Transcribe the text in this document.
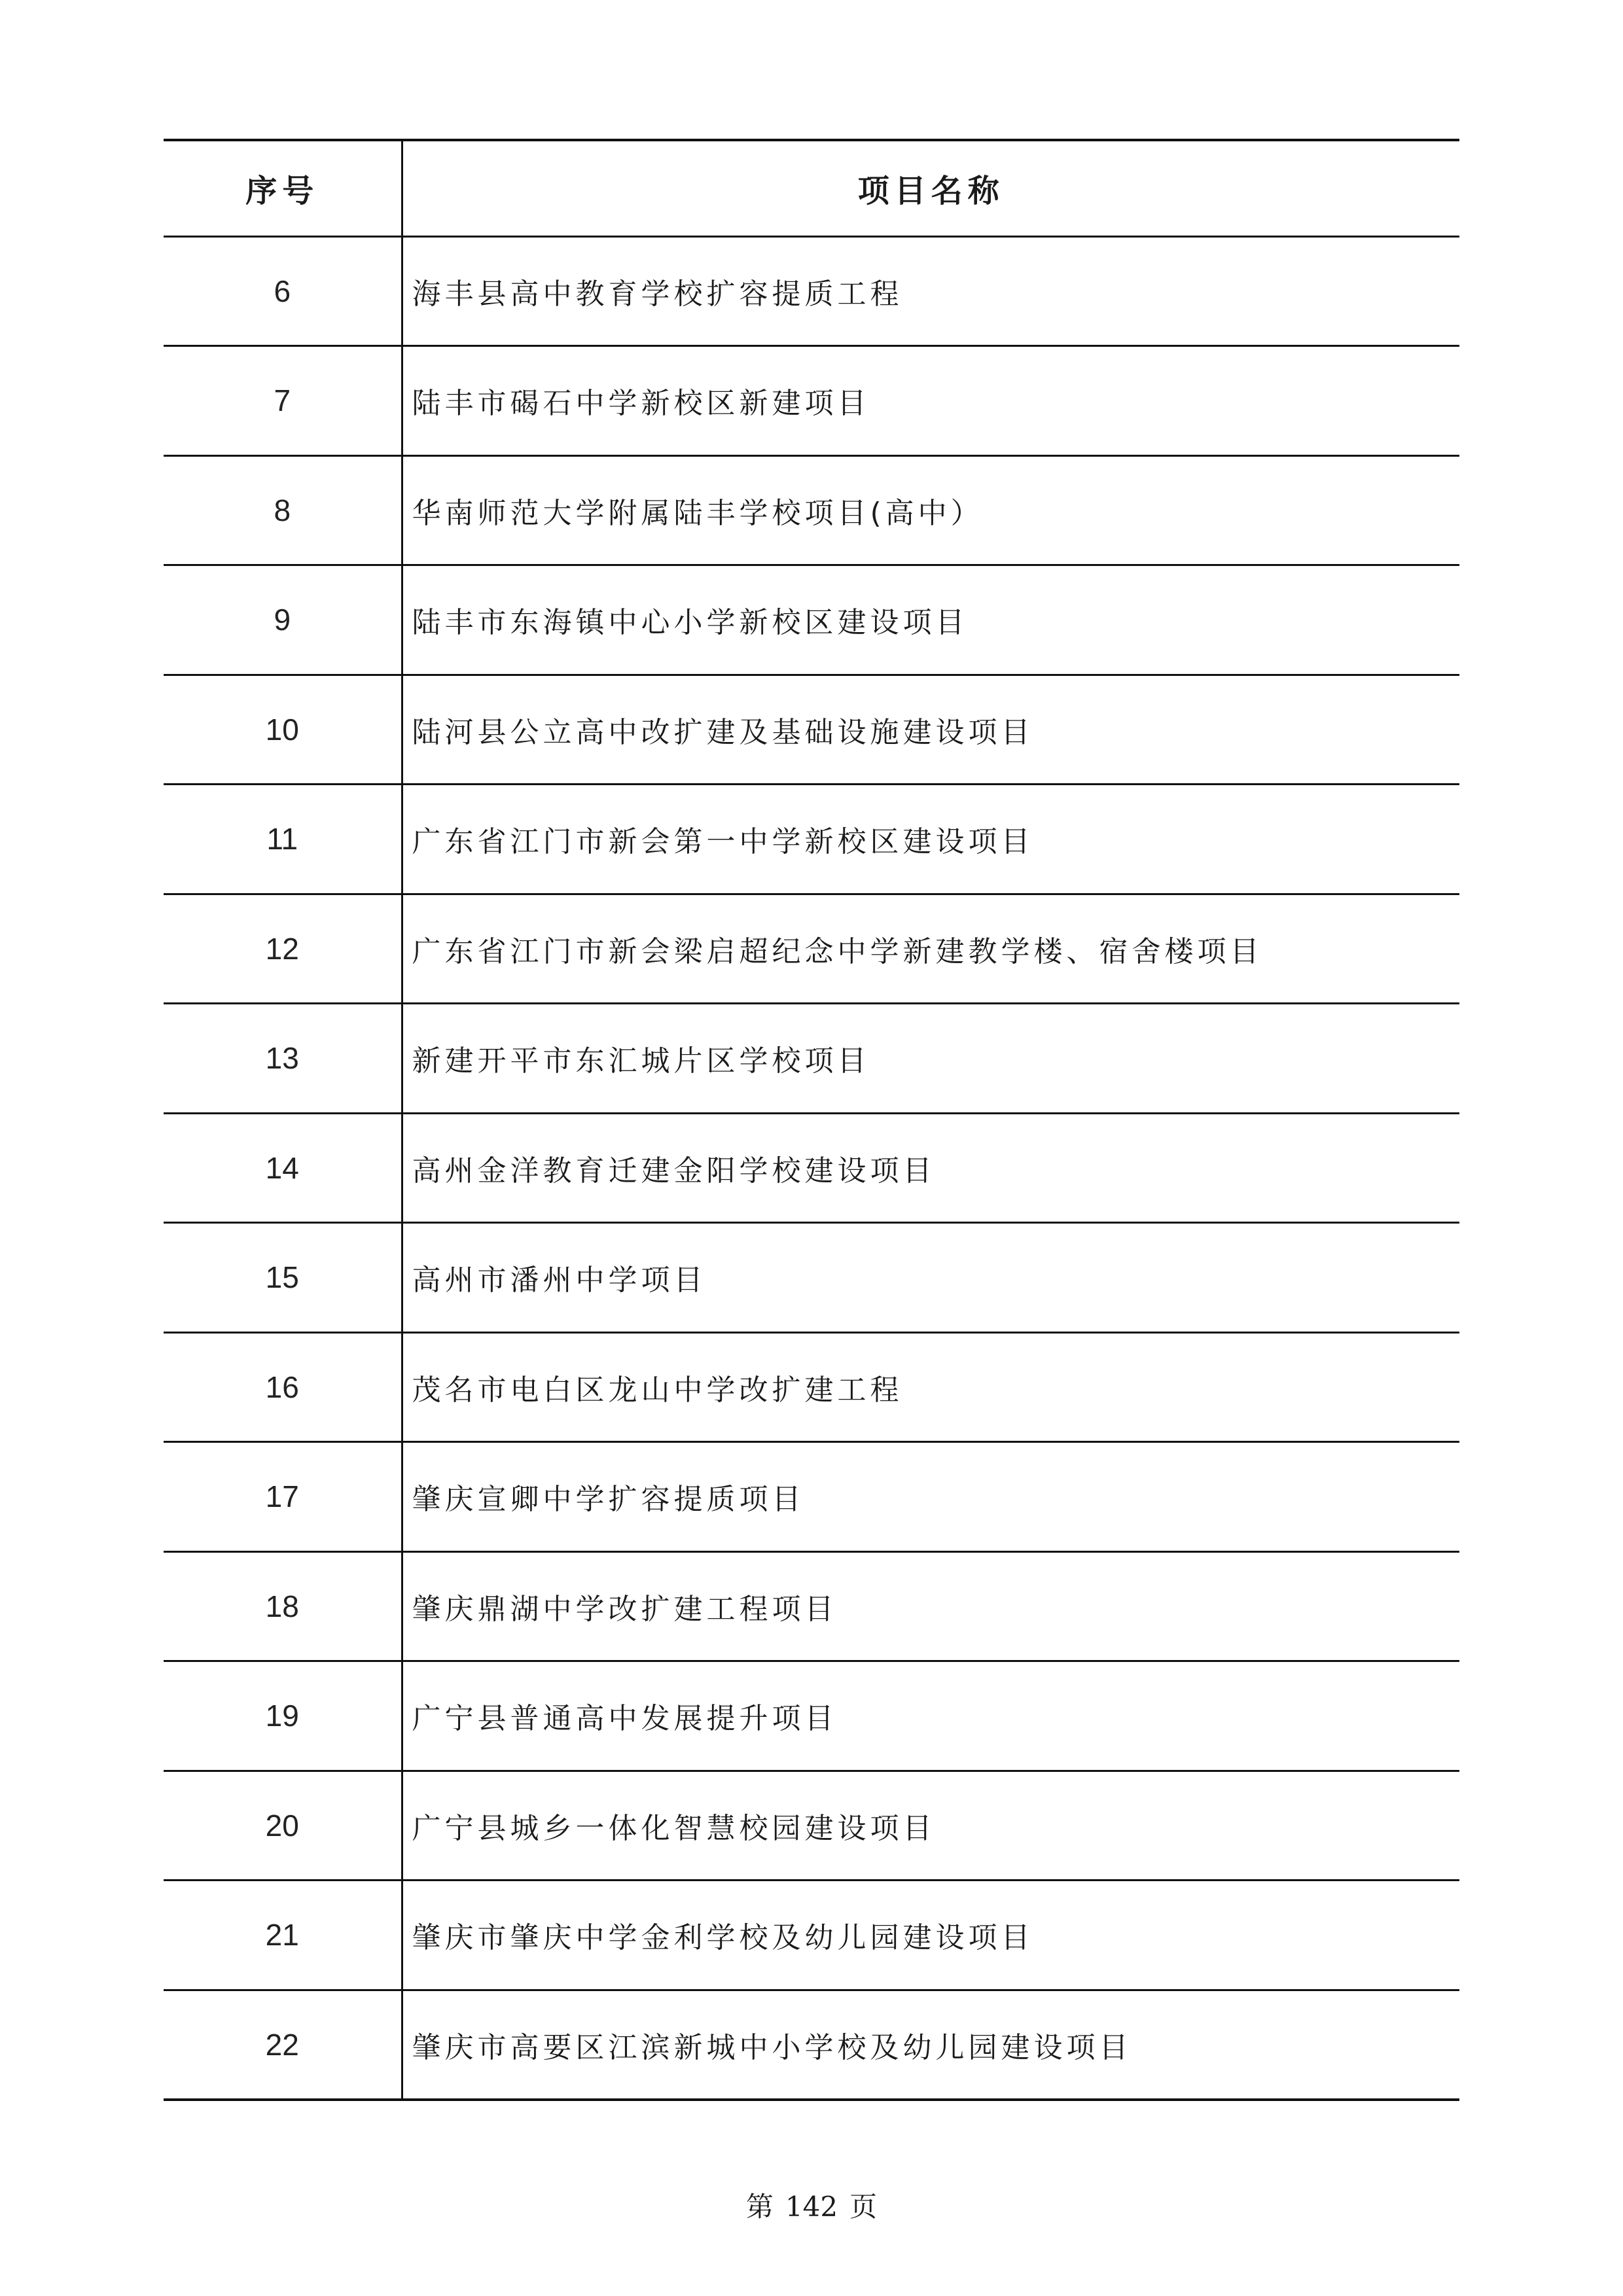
序号	项目名称
6	海丰县高中教育学校扩容提质工程
7	陆丰市碣石中学新校区新建项目
8	华南师范大学附属陆丰学校项目(高中）
9	陆丰市东海镇中心小学新校区建设项目
10	陆河县公立高中改扩建及基础设施建设项目
11	广东省江门市新会第一中学新校区建设项目
12	广东省江门市新会梁启超纪念中学新建教学楼、宿舍楼项目
13	新建开平市东汇城片区学校项目
14	高州金洋教育迁建金阳学校建设项目
15	高州市潘州中学项目
16	茂名市电白区龙山中学改扩建工程
17	肇庆宣卿中学扩容提质项目
18	肇庆鼎湖中学改扩建工程项目
19	广宁县普通高中发展提升项目
20	广宁县城乡一体化智慧校园建设项目
21	肇庆市肇庆中学金利学校及幼儿园建设项目
22	肇庆市高要区江滨新城中小学校及幼儿园建设项目
第 142 页
